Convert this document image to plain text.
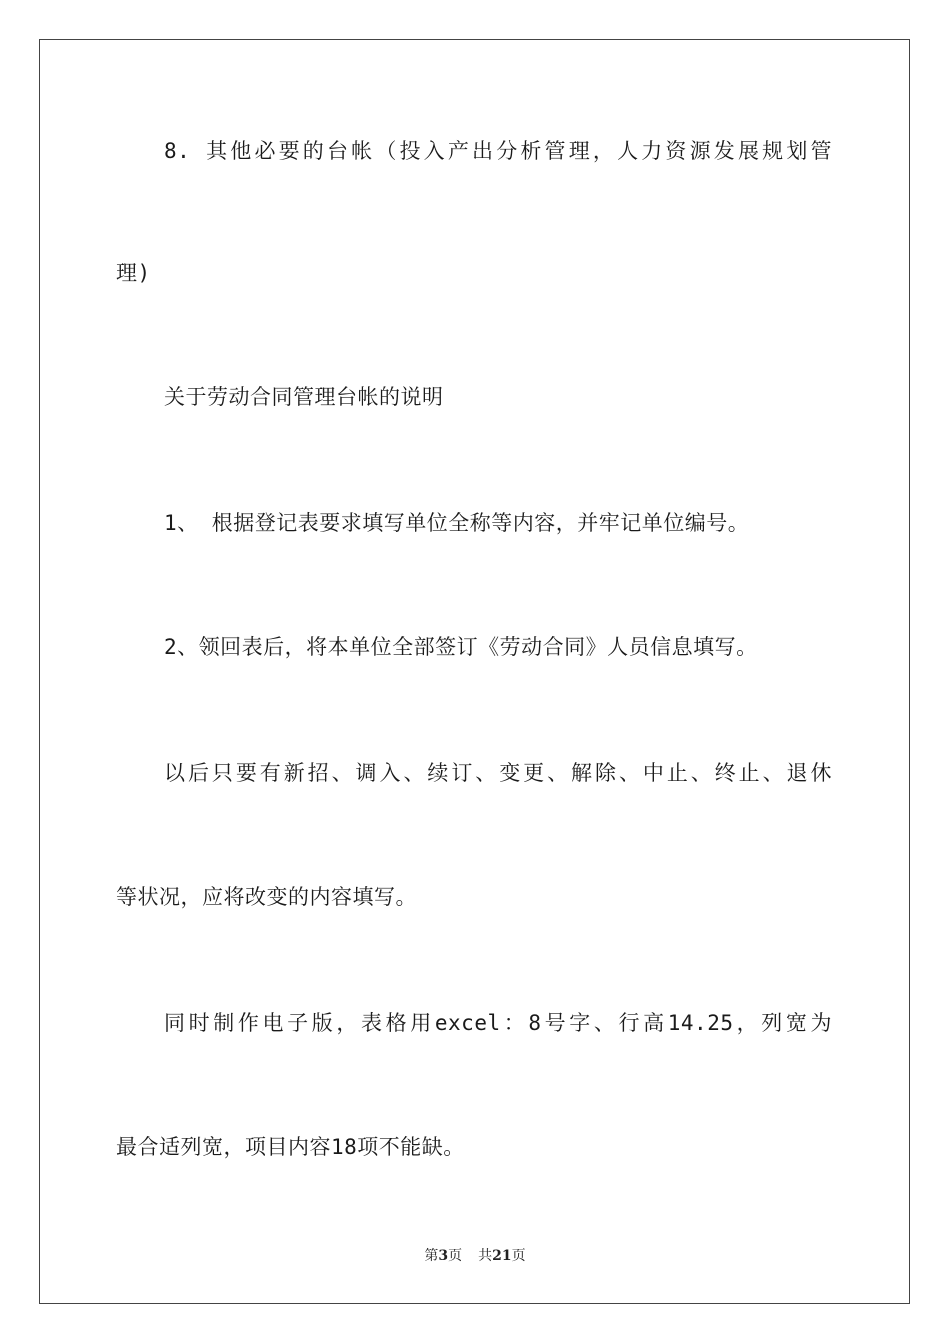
8. 其他必要的台帐（投入产出分析管理，人力资源发展规划管
理)
关于劳动合同管理台帐的说明
1、 根据登记表要求填写单位全称等内容，并牢记单位编号。
2、领回表后，将本单位全部签订《劳动合同》人员信息填写。
以后只要有新招、调入、续订、变更、解除、中止、终止、退休
等状况，应将改变的内容填写。
同时制作电子版，表格用excel：8号字、行高14.25，列宽为
最合适列宽，项目内容18项不能缺。
第3页 共21页
